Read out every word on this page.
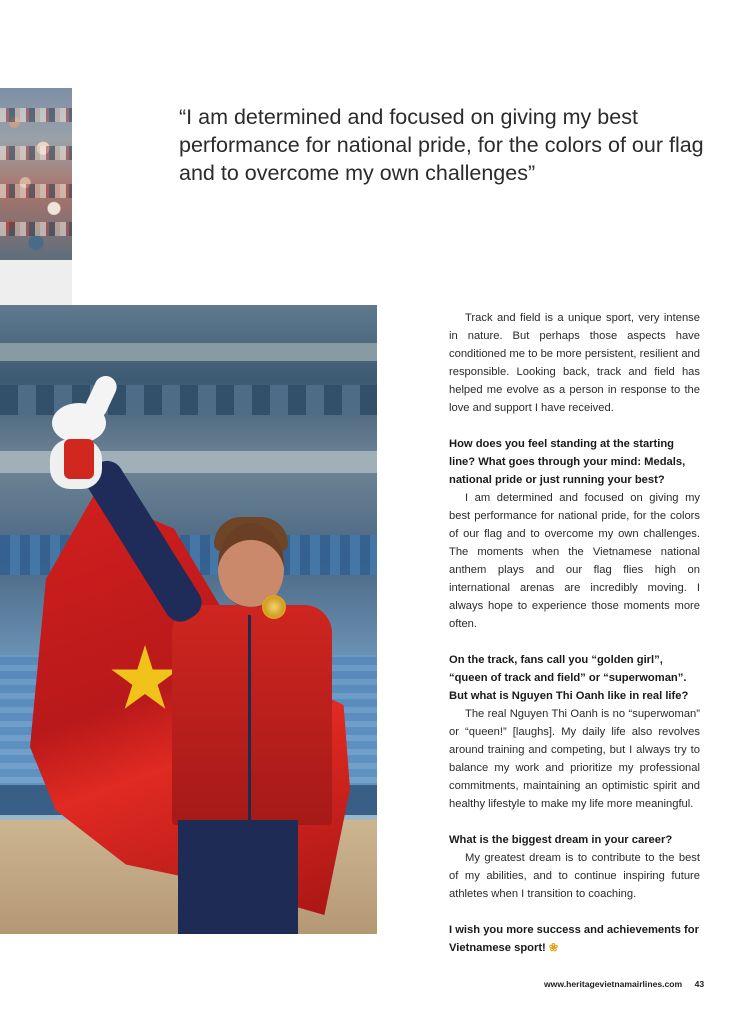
“I am determined and focused on giving my best performance for national pride, for the colors of our flag and to overcome my own challenges”

Track and field is a unique sport, very intense in nature. But perhaps those aspects have conditioned me to be more persistent, resilient and responsible. Looking back, track and field has helped me evolve as a person in response to the love and support I have received.

How does you feel standing at the starting line? What goes through your mind: Medals, national pride or just running your best?

I am determined and focused on giving my best performance for national pride, for the colors of our flag and to overcome my own challenges. The moments when the Vietnamese national anthem plays and our flag flies high on international arenas are incredibly moving. I always hope to experience those moments more often.

On the track, fans call you “golden girl”, “queen of track and field” or “superwoman”. But what is Nguyen Thi Oanh like in real life?

The real Nguyen Thi Oanh is no “superwoman” or “queen!” [laughs]. My daily life also revolves around training and competing, but I always try to balance my work and prioritize my professional commitments, maintaining an optimistic spirit and healthy lifestyle to make my life more meaningful.

What is the biggest dream in your career?

My greatest dream is to contribute to the best of my abilities, and to continue inspiring future athletes when I transition to coaching.

I wish you more success and achievements for Vietnamese sport! ❀

www.heritagevietnamairlines.com 43
